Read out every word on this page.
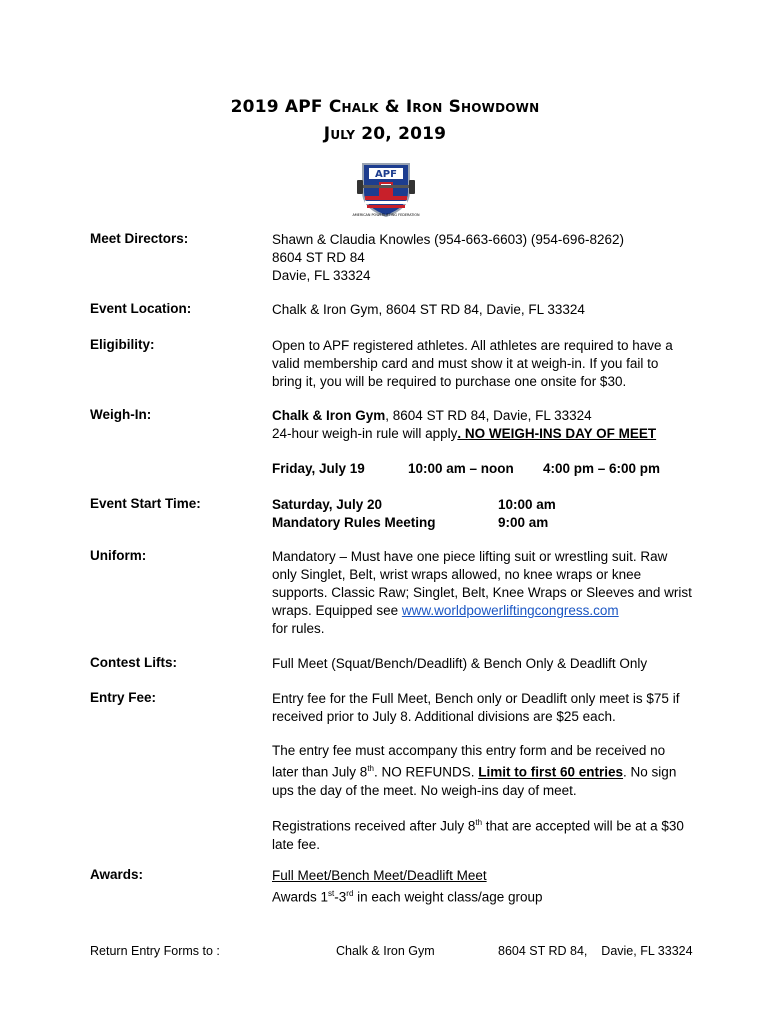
2019 APF Chalk & Iron Showdown
July 20, 2019
APF
AMERICAN POWERLIFTING FEDERATION
Meet Directors:	Shawn & Claudia Knowles (954-663-6603) (954-696-8262)
8604 ST RD 84
Davie, FL 33324
Event Location:	Chalk & Iron Gym, 8604 ST RD 84, Davie, FL 33324
Eligibility:	Open to APF registered athletes. All athletes are required to have a valid membership card and must show it at weigh-in. If you fail to bring it, you will be required to purchase one onsite for $30.
Weigh-In:	Chalk & Iron Gym, 8604 ST RD 84, Davie, FL 33324
24-hour weigh-in rule will apply. NO WEIGH-INS DAY OF MEET
Friday, July 19	10:00 am – noon 4:00 pm – 6:00 pm
Event Start Time:	Saturday, July 20	10:00 am
Mandatory Rules Meeting	9:00 am
Uniform:	Mandatory – Must have one piece lifting suit or wrestling suit. Raw only Singlet, Belt, wrist wraps allowed, no knee wraps or knee supports. Classic Raw; Singlet, Belt, Knee Wraps or Sleeves and wrist wraps. Equipped see www.worldpowerliftingcongress.com
for rules.
Contest Lifts:	Full Meet (Squat/Bench/Deadlift) & Bench Only & Deadlift Only
Entry Fee:	Entry fee for the Full Meet, Bench only or Deadlift only meet is $75 if received prior to July 8. Additional divisions are $25 each.
The entry fee must accompany this entry form and be received no later than July 8th. NO REFUNDS. Limit to first 60 entries. No sign ups the day of the meet. No weigh-ins day of meet.
Registrations received after July 8th that are accepted will be at a $30 late fee.
Awards:	Full Meet/Bench Meet/Deadlift Meet
Awards 1st-3rd in each weight class/age group
Return Entry Forms to :	Chalk & Iron Gym	8604 ST RD 84,    Davie, FL 33324
